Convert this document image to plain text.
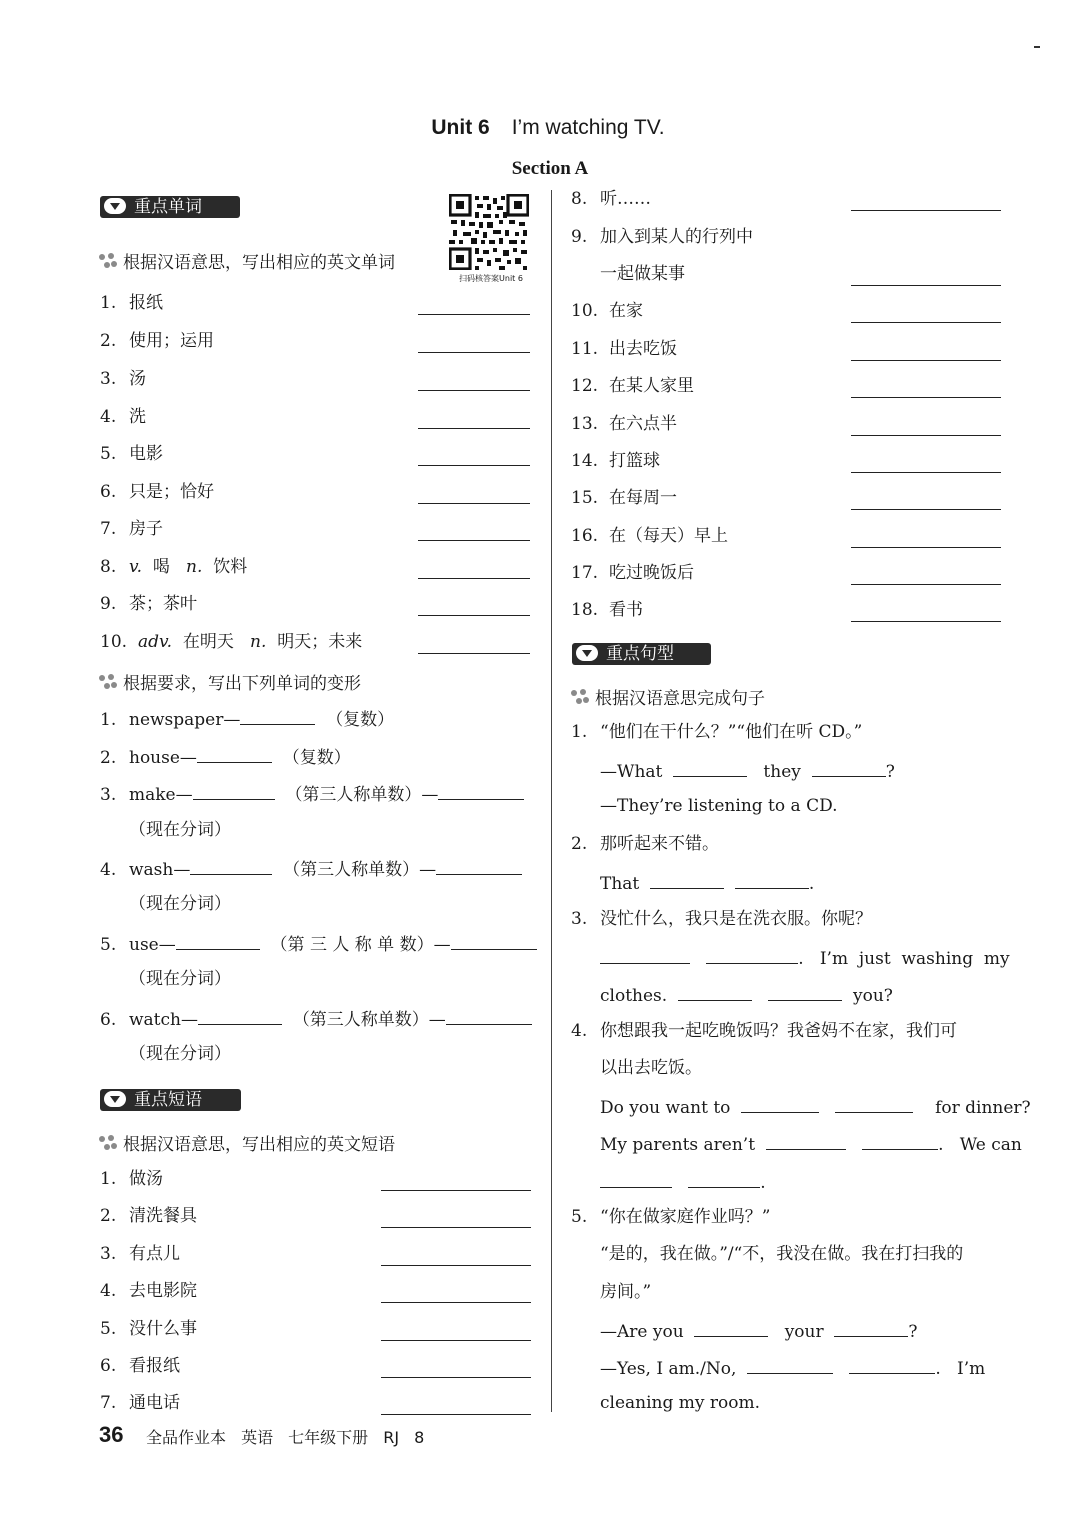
Unit 6 I’m watching TV.
Section A
扫码核答案Unit 6
重点单词
根据汉语意思，写出相应的英文单词
1. 报纸
2. 使用；运用
3. 汤
4. 洗
5. 电影
6. 只是；恰好
7. 房子
8. v. 喝 n. 饮料
9. 茶；茶叶
10. adv. 在明天 n. 明天；未来
根据要求，写出下列单词的变形
1. newspaper—	（复数）
2. house—	（复数）
3. make—	（第三人称单数）—
（现在分词）
4. wash—	（第三人称单数）—
（现在分词）
5. use—	（第 三 人 称 单 数）—
（现在分词）
6. watch—	（第三人称单数）—
（现在分词）
重点短语
根据汉语意思，写出相应的英文短语
1. 做汤
2. 清洗餐具
3. 有点儿
4. 去电影院
5. 没什么事
6. 看报纸
7. 通电话
8. 听……
9. 加入到某人的行列中
一起做某事
10. 在家
11. 出去吃饭
12. 在某人家里
13. 在六点半
14. 打篮球
15. 在每周一
16. 在（每天）早上
17. 吃过晚饭后
18. 看书
重点句型
根据汉语意思完成句子
1. “他们在干什么？”“他们在听 CD。”
—What	they	?
—They’re listening to a CD.
2. 那听起来不错。
That	.
3. 没忙什么，我只是在洗衣服。你呢？
. I’m  just  washing  my
clothes.	you?
4. 你想跟我一起吃晚饭吗？我爸妈不在家，我们可
以出去吃饭。
Do you want to	for dinner?
My parents aren’t	. We can
.
5. “你在做家庭作业吗？”
“是的，我在做。”/“不，我没在做。我在打扫我的
房间。”
—Are you	your	?
—Yes, I am./No,	. I’m
cleaning my room.
36 全品作业本 英语 七年级下册 RJ 8
